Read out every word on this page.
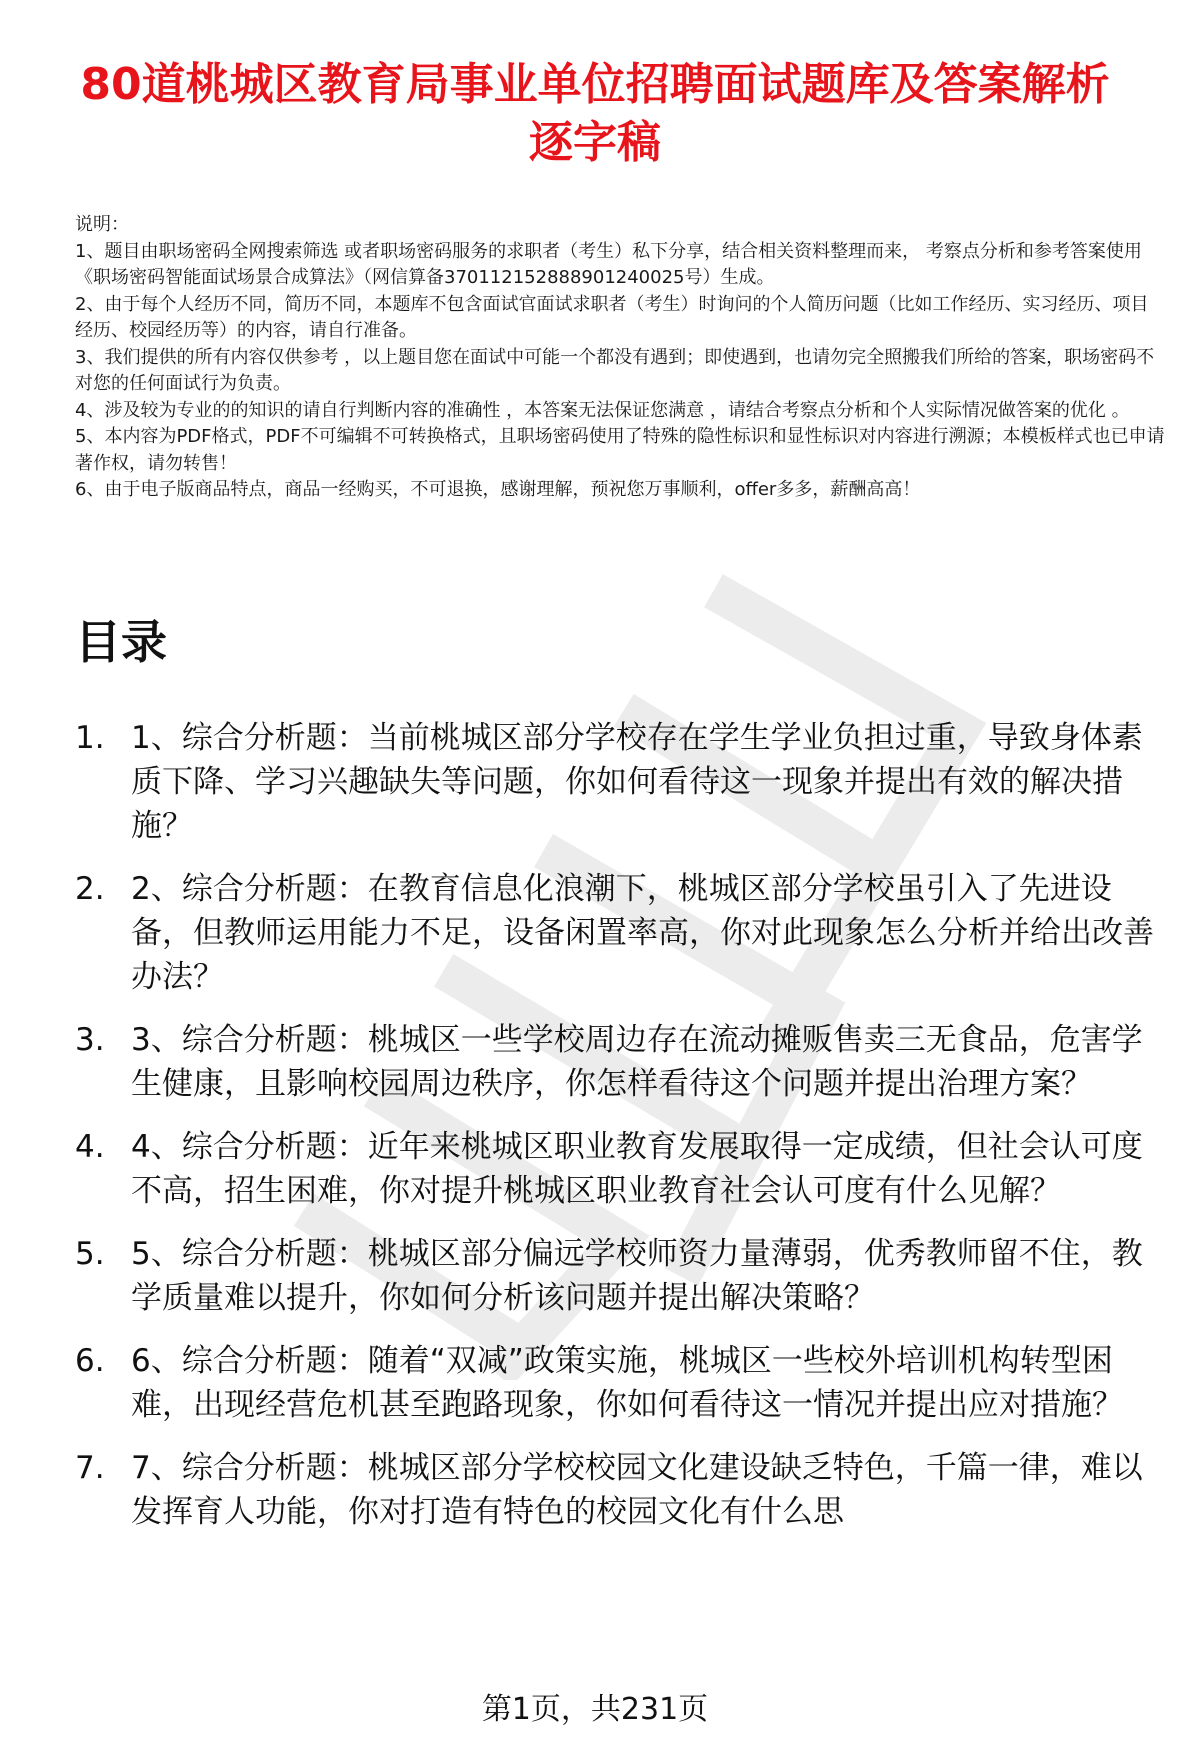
80道桃城区教育局事业单位招聘面试题库及答案解析逐字稿

说明：

1、题目由职场密码全网搜索筛选 或者职场密码服务的求职者（考生）私下分享，结合相关资料整理而来， 考察点分析和参考答案使用《职场密码智能面试场景合成算法》（网信算备370112152888901240025号）生成。

2、由于每个人经历不同，简历不同，本题库不包含面试官面试求职者（考生）时询问的个人简历问题（比如工作经历、实习经历、项目经历、校园经历等）的内容，请自行准备。

3、我们提供的所有内容仅供参考 ，以上题目您在面试中可能一个都没有遇到；即使遇到，也请勿完全照搬我们所给的答案，职场密码不对您的任何面试行为负责。

4、涉及较为专业的的知识的请自行判断内容的准确性 ，本答案无法保证您满意 ，请结合考察点分析和个人实际情况做答案的优化 。

5、本内容为PDF格式，PDF不可编辑不可转换格式，且职场密码使用了特殊的隐性标识和显性标识对内容进行溯源；本模板样式也已申请著作权，请勿转售！

6、由于电子版商品特点，商品一经购买，不可退换，感谢理解，预祝您万事顺利，offer多多，薪酬高高！

目录
1. 1、综合分析题：当前桃城区部分学校存在学生学业负担过重，导致身体素质下降、学习兴趣缺失等问题，你如何看待这一现象并提出有效的解决措施？
2. 2、综合分析题：在教育信息化浪潮下，桃城区部分学校虽引入了先进设备，但教师运用能力不足，设备闲置率高，你对此现象怎么分析并给出改善办法？
3. 3、综合分析题：桃城区一些学校周边存在流动摊贩售卖三无食品，危害学生健康，且影响校园周边秩序，你怎样看待这个问题并提出治理方案？
4. 4、综合分析题：近年来桃城区职业教育发展取得一定成绩，但社会认可度不高，招生困难，你对提升桃城区职业教育社会认可度有什么见解？
5. 5、综合分析题：桃城区部分偏远学校师资力量薄弱，优秀教师留不住，教学质量难以提升，你如何分析该问题并提出解决策略？
6. 6、综合分析题：随着“双减”政策实施，桃城区一些校外培训机构转型困难，出现经营危机甚至跑路现象，你如何看待这一情况并提出应对措施？
7. 7、综合分析题：桃城区部分学校校园文化建设缺乏特色，千篇一律，难以发挥育人功能，你对打造有特色的校园文化有什么思
第1页，共231页
